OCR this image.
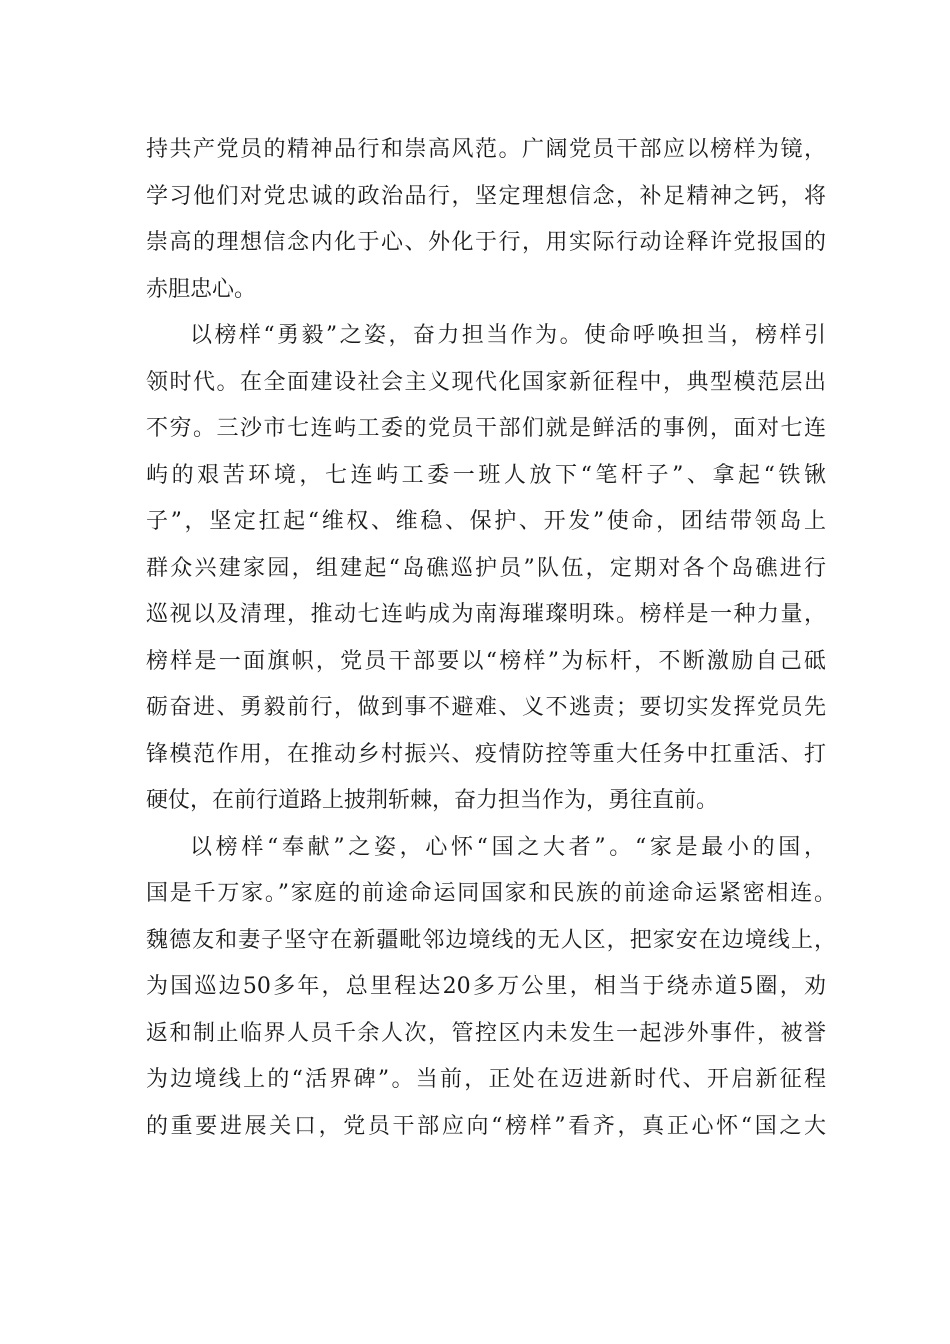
持共产党员的精神品行和崇高风范。广阔党员干部应以榜样为镜，
学习他们对党忠诚的政治品行，坚定理想信念，补足精神之钙，将
崇高的理想信念内化于心、外化于行，用实际行动诠释许党报国的
赤胆忠心。
以榜样“勇毅”之姿，奋力担当作为。使命呼唤担当，榜样引
领时代。在全面建设社会主义现代化国家新征程中，典型模范层出
不穷。三沙市七连屿工委的党员干部们就是鲜活的事例，面对七连
屿的艰苦环境，七连屿工委一班人放下“笔杆子”、拿起“铁锹
子”，坚定扛起“维权、维稳、保护、开发”使命，团结带领岛上
群众兴建家园，组建起“岛礁巡护员”队伍，定期对各个岛礁进行
巡视以及清理，推动七连屿成为南海璀璨明珠。榜样是一种力量，
榜样是一面旗帜，党员干部要以“榜样”为标杆，不断激励自己砥
砺奋进、勇毅前行，做到事不避难、义不逃责；要切实发挥党员先
锋模范作用，在推动乡村振兴、疫情防控等重大任务中扛重活、打
硬仗，在前行道路上披荆斩棘，奋力担当作为，勇往直前。
以榜样“奉献”之姿，心怀“国之大者”。“家是最小的国，
国是千万家。”家庭的前途命运同国家和民族的前途命运紧密相连。
魏德友和妻子坚守在新疆毗邻边境线的无人区，把家安在边境线上，
为国巡边50多年，总里程达20多万公里，相当于绕赤道5圈，劝
返和制止临界人员千余人次，管控区内未发生一起涉外事件，被誉
为边境线上的“活界碑”。当前，正处在迈进新时代、开启新征程
的重要进展关口，党员干部应向“榜样”看齐，真正心怀“国之大
